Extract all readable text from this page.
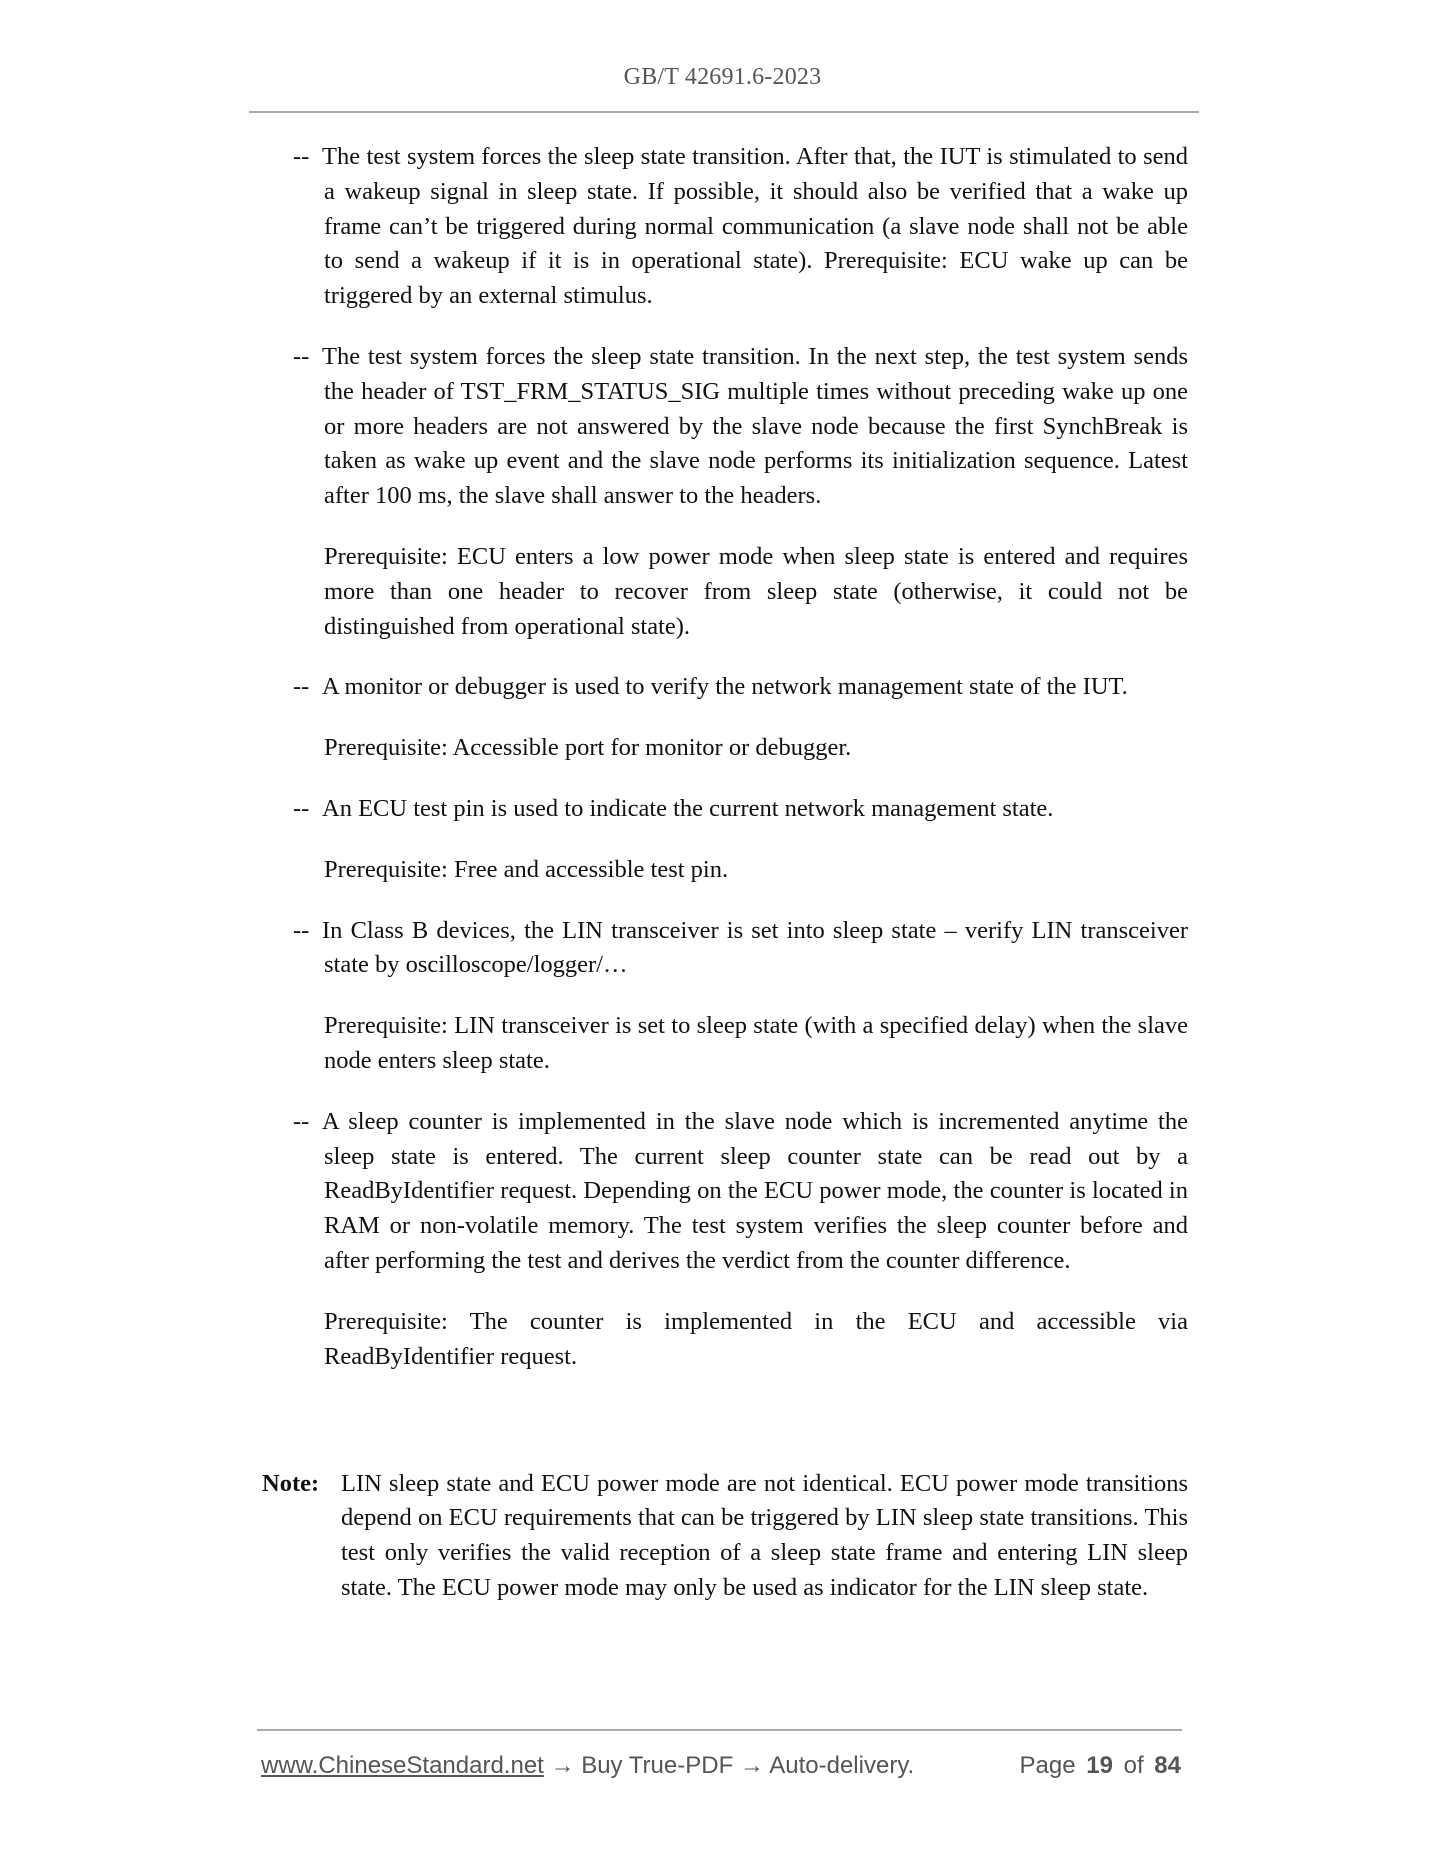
GB/T 42691.6-2023

-- The test system forces the sleep state transition. After that, the IUT is stimulated to send a wakeup signal in sleep state. If possible, it should also be verified that a wake up frame can’t be triggered during normal communication (a slave node shall not be able to send a wakeup if it is in operational state). Prerequisite: ECU wake up can be triggered by an external stimulus.

-- The test system forces the sleep state transition. In the next step, the test system sends the header of TST_FRM_STATUS_SIG multiple times without preceding wake up one or more headers are not answered by the slave node because the first SynchBreak is taken as wake up event and the slave node performs its initialization sequence. Latest after 100 ms, the slave shall answer to the headers.

Prerequisite: ECU enters a low power mode when sleep state is entered and requires more than one header to recover from sleep state (otherwise, it could not be distinguished from operational state).

-- A monitor or debugger is used to verify the network management state of the IUT.

Prerequisite: Accessible port for monitor or debugger.

-- An ECU test pin is used to indicate the current network management state.

Prerequisite: Free and accessible test pin.

-- In Class B devices, the LIN transceiver is set into sleep state – verify LIN transceiver state by oscilloscope/logger/…

Prerequisite: LIN transceiver is set to sleep state (with a specified delay) when the slave node enters sleep state.

-- A sleep counter is implemented in the slave node which is incremented anytime the sleep state is entered. The current sleep counter state can be read out by a ReadByIdentifier request. Depending on the ECU power mode, the counter is located in RAM or non-volatile memory. The test system verifies the sleep counter before and after performing the test and derives the verdict from the counter difference.

Prerequisite: The counter is implemented in the ECU and accessible via ReadByIdentifier request.

Note: LIN sleep state and ECU power mode are not identical. ECU power mode transitions depend on ECU requirements that can be triggered by LIN sleep state transitions. This test only verifies the valid reception of a sleep state frame and entering LIN sleep state. The ECU power mode may only be used as indicator for the LIN sleep state.

www.ChineseStandard.net → Buy True-PDF → Auto-delivery.	Page 19 of 84
